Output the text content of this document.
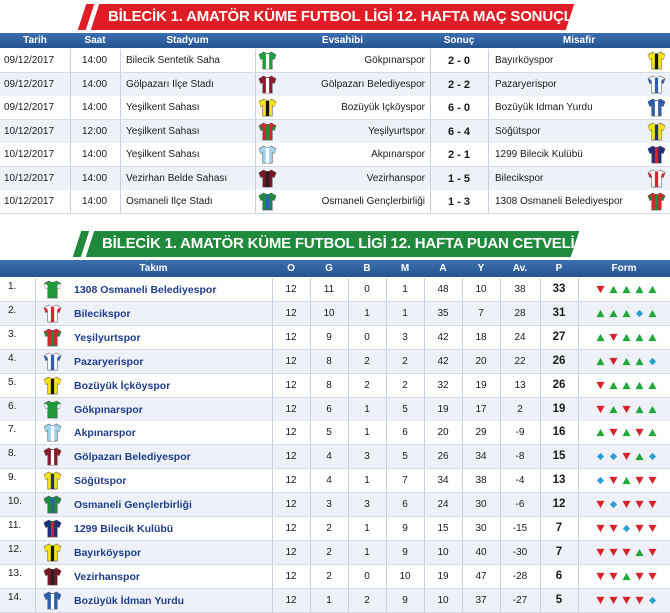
BİLECİK 1. AMATÖR KÜME FUTBOL LİGİ 12. HAFTA MAÇ SONUÇLARI
Tarih	Saat	Stadyum	Evsahibi	Sonuç	Misafir
09/12/2017	14:00	Bilecik Sentetik Saha	Gökpınarspor	2 - 0	Bayırköyspor
09/12/2017	14:00	Gölpazarı İlçe Stadı	Gölpazarı Belediyespor	2 - 2	Pazaryerispor
09/12/2017	14:00	Yeşilkent Sahası	Bozüyük İçköyspor	6 - 0	Bozüyük İdman Yurdu
10/12/2017	12:00	Yeşilkent Sahası	Yeşilyurtspor	6 - 4	Söğütspor
10/12/2017	14:00	Yeşilkent Sahası	Akpınarspor	2 - 1	1299 Bilecik Kulübü
10/12/2017	14:00	Vezirhan Belde Sahası	Vezirhanspor	1 - 5	Bilecikspor
10/12/2017	14:00	Osmaneli İlçe Stadı	Osmaneli Gençlerbirliği	1 - 3	1308 Osmaneli Belediyespor
BİLECİK 1. AMATÖR KÜME FUTBOL LİGİ 12. HAFTA PUAN CETVELİ
Takım	O	G	B	M	A	Y	Av.	P	Form
1.	1308 Osmaneli Belediyespor	12	11	0	1	48	10	38	33
2.	Bilecikspor	12	10	1	1	35	7	28	31
3.	Yeşilyurtspor	12	9	0	3	42	18	24	27
4.	Pazaryerispor	12	8	2	2	42	20	22	26
5.	Bozüyük İçköyspor	12	8	2	2	32	19	13	26
6.	Gökpınarspor	12	6	1	5	19	17	2	19
7.	Akpınarspor	12	5	1	6	20	29	-9	16
8.	Gölpazarı Belediyespor	12	4	3	5	26	34	-8	15
9.	Söğütspor	12	4	1	7	34	38	-4	13
10.	Osmaneli Gençlerbirliği	12	3	3	6	24	30	-6	12
11.	1299 Bilecik Kulübü	12	2	1	9	15	30	-15	7
12.	Bayırköyspor	12	2	1	9	10	40	-30	7
13.	Vezirhanspor	12	2	0	10	19	47	-28	6
14.	Bozüyük İdman Yurdu	12	1	2	9	10	37	-27	5
